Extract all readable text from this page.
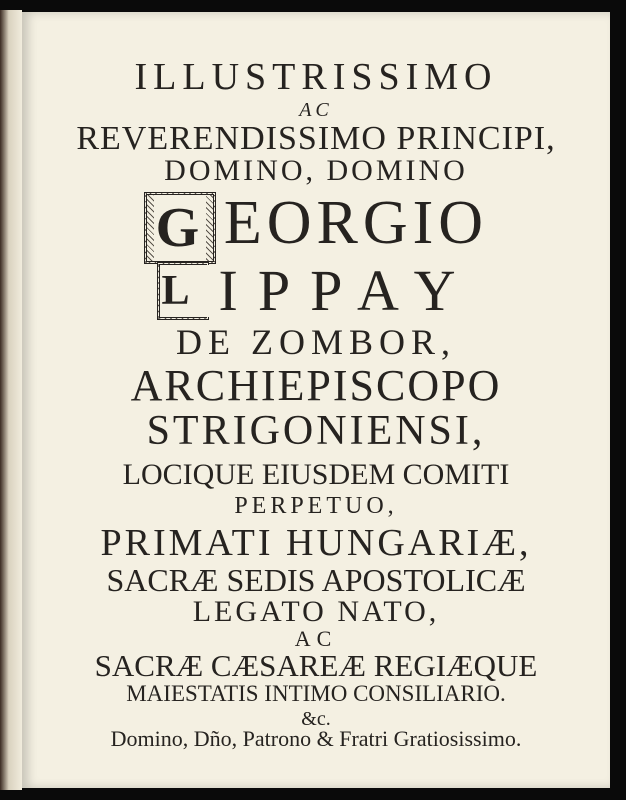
ILLUSTRISSIMO
AC
REVERENDISSIMO PRINCIPI,
DOMINO, DOMINO
G EORGIO
L IPPAY
DE ZOMBOR,
ARCHIEPISCOPO
STRIGONIENSI,
LOCIQUE EIUSDEM COMITI
PERPETUO,
PRIMATI HUNGARIÆ,
SACRÆ SEDIS APOSTOLICÆ
LEGATO NATO,
AC
SACRÆ CÆSAREÆ REGIÆQUE
MAIESTATIS INTIMO CONSILIARIO.
&c.
Domino, Dño, Patrono & Fratri Gratiosissimo.
